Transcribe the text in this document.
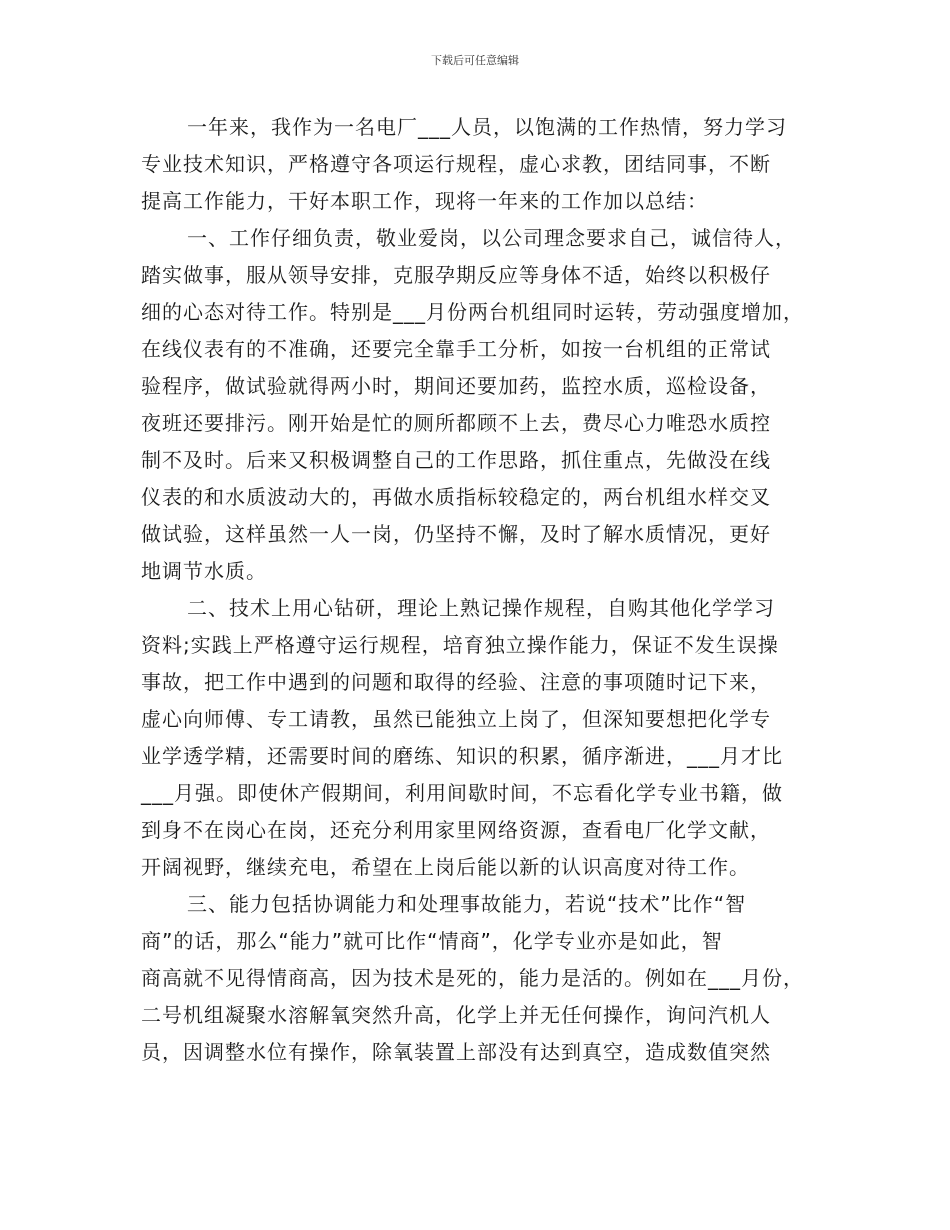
下载后可任意编辑
一年来，我作为一名电厂___人员，以饱满的工作热情，努力学习
专业技术知识，严格遵守各项运行规程，虚心求教，团结同事，不断
提高工作能力，干好本职工作，现将一年来的工作加以总结：
一、工作仔细负责，敬业爱岗，以公司理念要求自己，诚信待人，
踏实做事，服从领导安排，克服孕期反应等身体不适，始终以积极仔
细的心态对待工作。特别是___月份两台机组同时运转，劳动强度增加，
在线仪表有的不准确，还要完全靠手工分析，如按一台机组的正常试
验程序，做试验就得两小时，期间还要加药，监控水质，巡检设备，
夜班还要排污。刚开始是忙的厕所都顾不上去，费尽心力唯恐水质控
制不及时。后来又积极调整自己的工作思路，抓住重点，先做没在线
仪表的和水质波动大的，再做水质指标较稳定的，两台机组水样交叉
做试验，这样虽然一人一岗，仍坚持不懈，及时了解水质情况，更好
地调节水质。
二、技术上用心钻研，理论上熟记操作规程，自购其他化学学习
资料;实践上严格遵守运行规程，培育独立操作能力，保证不发生误操
事故，把工作中遇到的问题和取得的经验、注意的事项随时记下来，
虚心向师傅、专工请教，虽然已能独立上岗了，但深知要想把化学专
业学透学精，还需要时间的磨练、知识的积累，循序渐进，___月才比
___月强。即使休产假期间，利用间歇时间，不忘看化学专业书籍，做
到身不在岗心在岗，还充分利用家里网络资源，查看电厂化学文献，
开阔视野，继续充电，希望在上岗后能以新的认识高度对待工作。
三、能力包括协调能力和处理事故能力，若说“技术”比作“智
商”的话，那么“能力”就可比作“情商”，化学专业亦是如此，智
商高就不见得情商高，因为技术是死的，能力是活的。例如在___月份，
二号机组凝聚水溶解氧突然升高，化学上并无任何操作，询问汽机人
员，因调整水位有操作，除氧装置上部没有达到真空，造成数值突然
